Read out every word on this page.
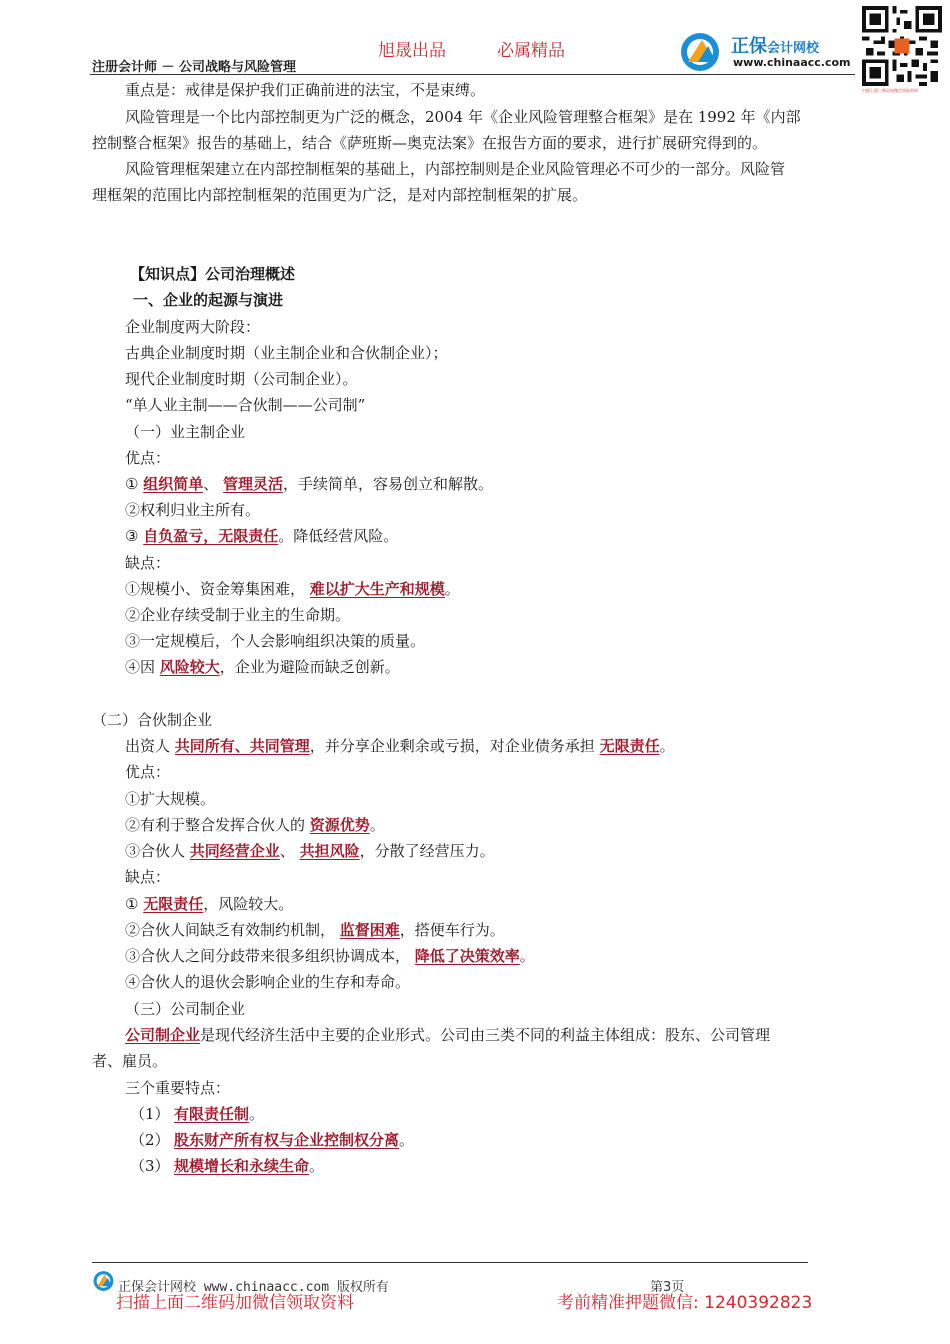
旭晟出品	必属精品
注册会计师 － 公司战略与风险管理
正保会计网校
www.chinaacc.com
扫描上面二维码加微信领取资料
重点是：戒律是保护我们正确前进的法宝，不是束缚。
风险管理是一个比内部控制更为广泛的概念，2004 年《企业风险管理整合框架》是在 1992 年《内部
控制整合框架》报告的基础上，结合《萨班斯—奥克法案》在报告方面的要求，进行扩展研究得到的。
风险管理框架建立在内部控制框架的基础上，内部控制则是企业风险管理必不可少的一部分。风险管
理框架的范围比内部控制框架的范围更为广泛，是对内部控制框架的扩展。
【知识点】公司治理概述
一、企业的起源与演进
企业制度两大阶段：
古典企业制度时期（业主制企业和合伙制企业）；
现代企业制度时期（公司制企业）。
“单人业主制——合伙制——公司制”
（一）业主制企业
优点：
① 组织简单、 管理灵活，手续简单，容易创立和解散。
②权利归业主所有。
③ 自负盈亏，无限责任。降低经营风险。
缺点：
①规模小、资金筹集困难， 难以扩大生产和规模。
②企业存续受制于业主的生命期。
③一定规模后，个人会影响组织决策的质量。
④因 风险较大，企业为避险而缺乏创新。
（二）合伙制企业
出资人 共同所有、共同管理，并分享企业剩余或亏损，对企业债务承担 无限责任。
优点：
①扩大规模。
②有利于整合发挥合伙人的 资源优势。
③合伙人 共同经营企业、 共担风险，分散了经营压力。
缺点：
① 无限责任，风险较大。
②合伙人间缺乏有效制约机制， 监督困难，搭便车行为。
③合伙人之间分歧带来很多组织协调成本， 降低了决策效率。
④合伙人的退伙会影响企业的生存和寿命。
（三）公司制企业
公司制企业是现代经济生活中主要的企业形式。公司由三类不同的利益主体组成：股东、公司管理
者、雇员。
三个重要特点：
（1） 有限责任制。
（2） 股东财产所有权与企业控制权分离。
（3） 规模增长和永续生命。
正保会计网校 www.chinaacc.com 版权所有	第3页
扫描上面二维码加微信领取资料	考前精准押题微信: 1240392823
